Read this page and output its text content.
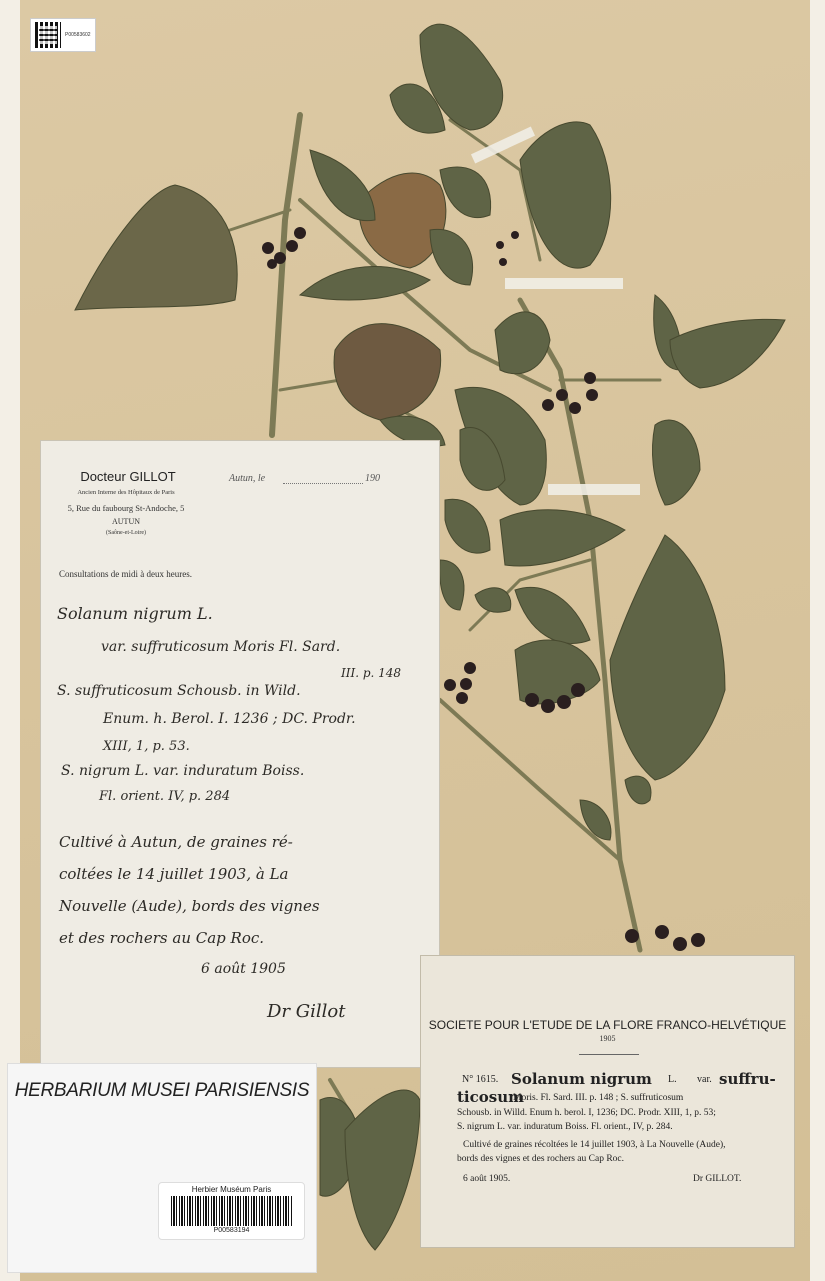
P00583602
Docteur GILLOT
Ancien Interne des Hôpitaux de Paris
5, Rue du faubourg St-Andoche, 5
AUTUN
(Saône-et-Loire)
Autun, le	190
Consultations de midi à deux heures.
Solanum nigrum L.
var. suffruticosum Moris Fl. Sard.
III. p. 148
S. suffruticosum Schousb. in Wild.
Enum. h. Berol. I. 1236 ; DC. Prodr.
XIII, 1, p. 53.
S. nigrum L. var. induratum Boiss.
Fl. orient. IV, p. 284
Cultivé à Autun, de graines ré-
coltées le 14 juillet 1903, à La
Nouvelle (Aude), bords des vignes
et des rochers au Cap Roc.
6 août 1905
Dr Gillot
SOCIETE POUR L'ETUDE DE LA FLORE FRANCO-HELVÉTIQUE
1905
N° 1615. Solanum nigrum L. var. suffru-
ticosum
Moris. Fl. Sard. III. p. 148 ; S. suffruticosum
Schousb. in Willd. Enum h. berol. I, 1236; DC. Prodr. XIII, 1, p. 53;
S. nigrum L. var. induratum Boiss. Fl. orient., IV, p. 284.
Cultivé de graines récoltées le 14 juillet 1903, à La Nouvelle (Aude),
bords des vignes et des rochers au Cap Roc.
6 août 1905.	Dr GILLOT.
HERBARIUM MUSEI PARISIENSIS
Herbier Muséum Paris
P00583194
